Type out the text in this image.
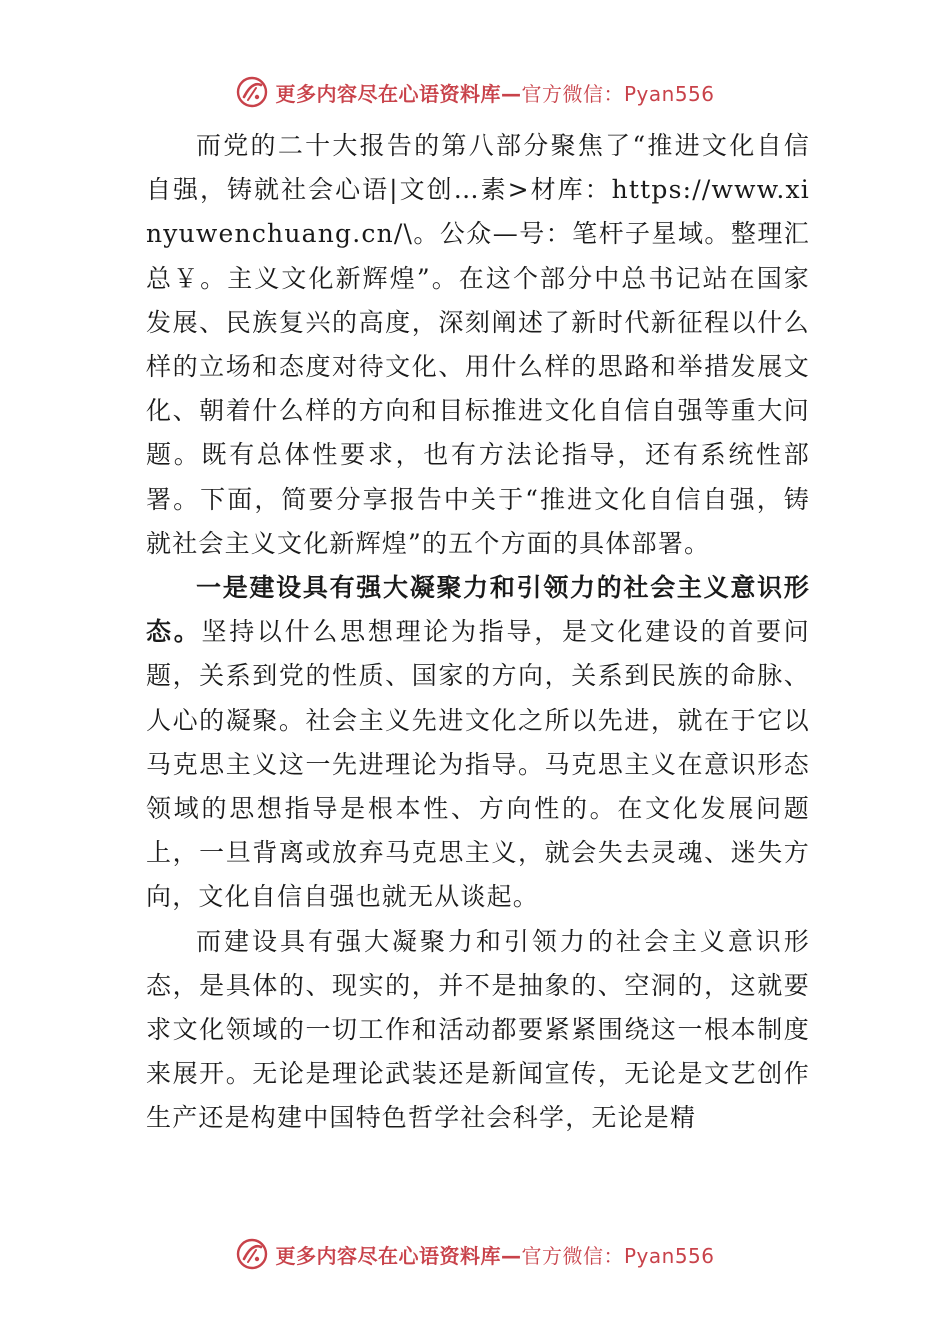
更多内容尽在心语资料库—官方微信：Pyan556

而党的二十大报告的第八部分聚焦了“推进文化自信自强，铸就社会心语|文创…素>材库：https://www.xinyuwenchuang.cn/\。公众—号：笔杆子星域。整理汇总￥。主义文化新辉煌”。在这个部分中总书记站在国家发展、民族复兴的高度，深刻阐述了新时代新征程以什么样的立场和态度对待文化、用什么样的思路和举措发展文化、朝着什么样的方向和目标推进文化自信自强等重大问题。既有总体性要求，也有方法论指导，还有系统性部署。下面，简要分享报告中关于“推进文化自信自强，铸就社会主义文化新辉煌”的五个方面的具体部署。

一是建设具有强大凝聚力和引领力的社会主义意识形态。坚持以什么思想理论为指导，是文化建设的首要问题，关系到党的性质、国家的方向，关系到民族的命脉、人心的凝聚。社会主义先进文化之所以先进，就在于它以马克思主义这一先进理论为指导。马克思主义在意识形态领域的思想指导是根本性、方向性的。在文化发展问题上，一旦背离或放弃马克思主义，就会失去灵魂、迷失方向，文化自信自强也就无从谈起。

而建设具有强大凝聚力和引领力的社会主义意识形态，是具体的、现实的，并不是抽象的、空洞的，这就要求文化领域的一切工作和活动都要紧紧围绕这一根本制度来展开。无论是理论武装还是新闻宣传，无论是文艺创作生产还是构建中国特色哲学社会科学，无论是精

更多内容尽在心语资料库—官方微信：Pyan556
